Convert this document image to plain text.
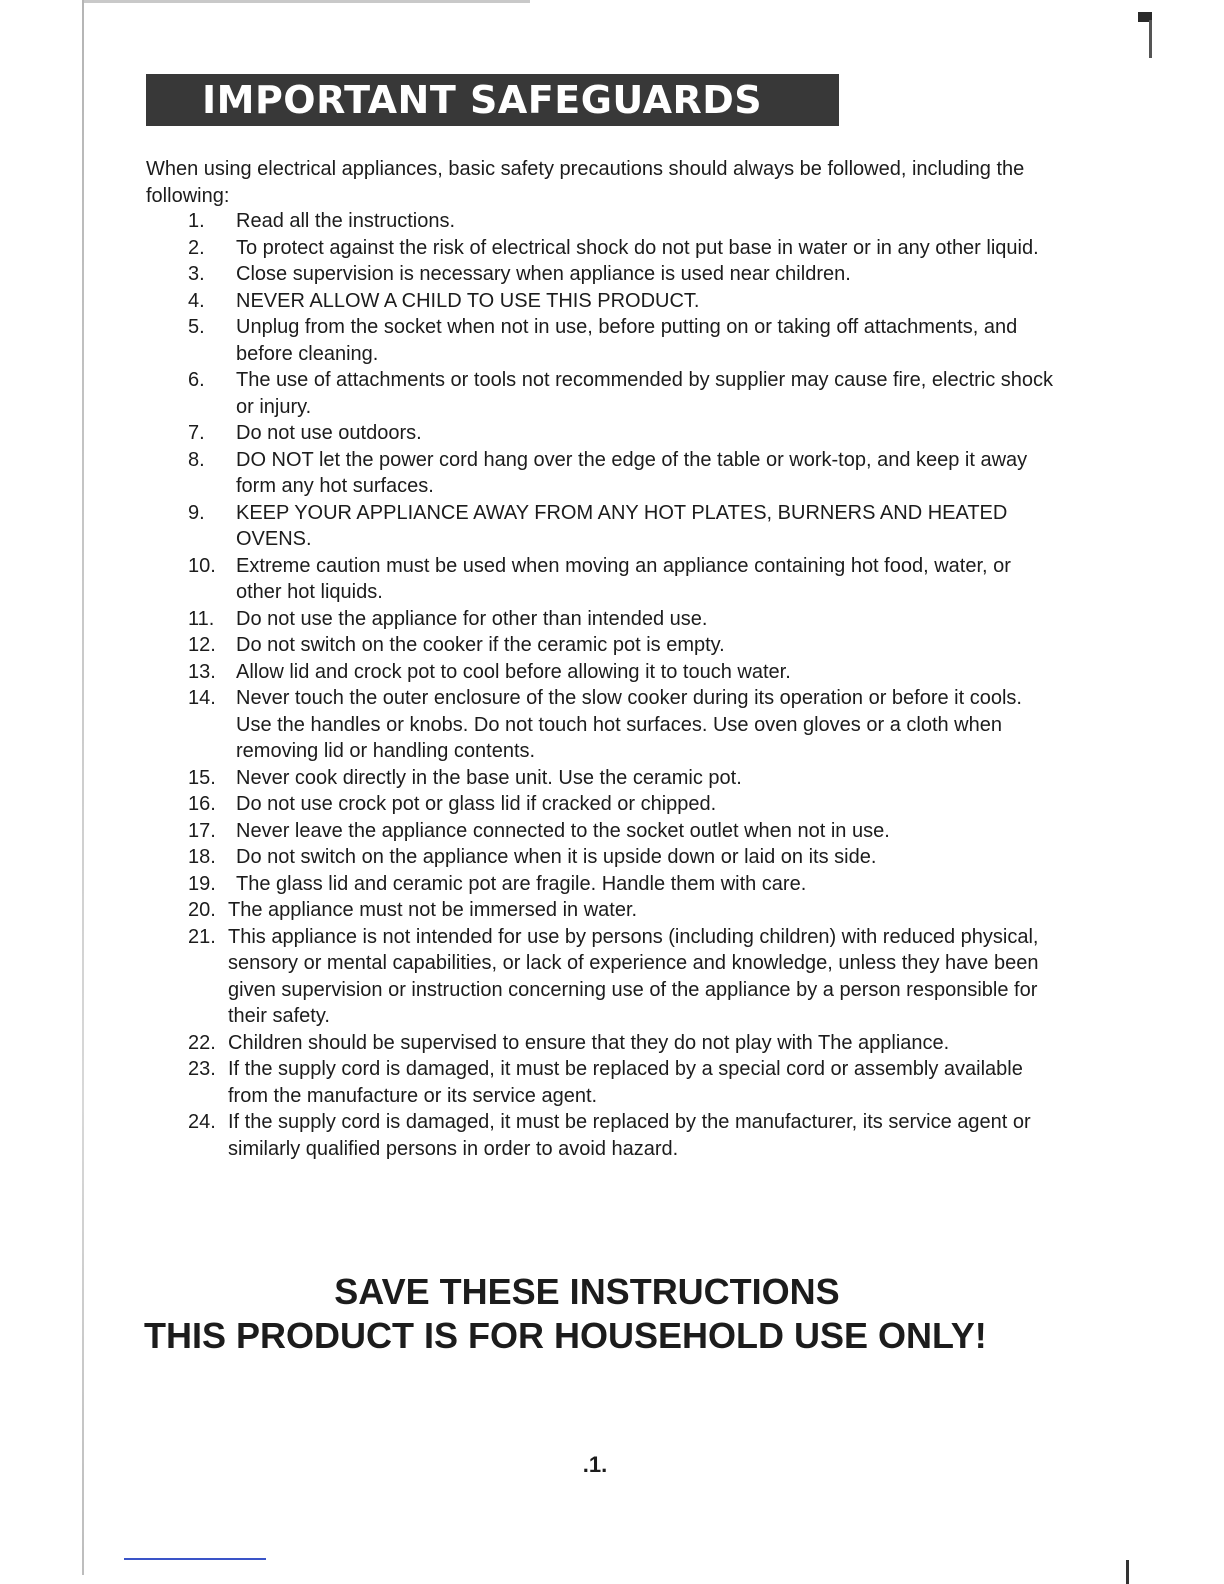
IMPORTANT SAFEGUARDS

When using electrical appliances, basic safety precautions should always be followed, including the following:

1.	Read all the instructions.
2.	To protect against the risk of electrical shock do not put base in water or in any other liquid.
3.	Close supervision is necessary when appliance is used near children.
4.	NEVER ALLOW A CHILD TO USE THIS PRODUCT.
5.	Unplug from the socket when not in use, before putting on or taking off attachments, and before cleaning.
6.	The use of attachments or tools not recommended by supplier may cause fire, electric shock or injury.
7.	Do not use outdoors.
8.	DO NOT let the power cord hang over the edge of the table or work-top, and keep it away form any hot surfaces.
9.	KEEP YOUR APPLIANCE AWAY FROM ANY HOT PLATES, BURNERS AND HEATED OVENS.
10.	Extreme caution must be used when moving an appliance containing hot food, water, or other hot liquids.
11.	Do not use the appliance for other than intended use.
12.	Do not switch on the cooker if the ceramic pot is empty.
13.	Allow lid and crock pot to cool before allowing it to touch water.
14.	Never touch the outer enclosure of the slow cooker during its operation or before it cools. Use the handles or knobs. Do not touch hot surfaces. Use oven gloves or a cloth when removing lid or handling contents.
15.	Never cook directly in the base unit. Use the ceramic pot.
16.	Do not use crock pot or glass lid if cracked or chipped.
17.	Never leave the appliance connected to the socket outlet when not in use.
18.	Do not switch on the appliance when it is upside down or laid on its side.
19.	The glass lid and ceramic pot are fragile. Handle them with care.
20. The appliance must not be immersed in water.
21. This appliance is not intended for use by persons (including children) with reduced physical, sensory or mental capabilities, or lack of experience and knowledge, unless they have been given supervision or instruction concerning use of the appliance by a person responsible for their safety.
22. Children should be supervised to ensure that they do not play with The appliance.
23. If the supply cord is damaged, it must be replaced by a special cord or assembly available from the manufacture or its service agent.
24. If the supply cord is damaged, it must be replaced by the manufacturer, its service agent or similarly qualified persons in order to avoid hazard.

SAVE THESE INSTRUCTIONS

THIS PRODUCT IS FOR HOUSEHOLD USE ONLY!

.1.
